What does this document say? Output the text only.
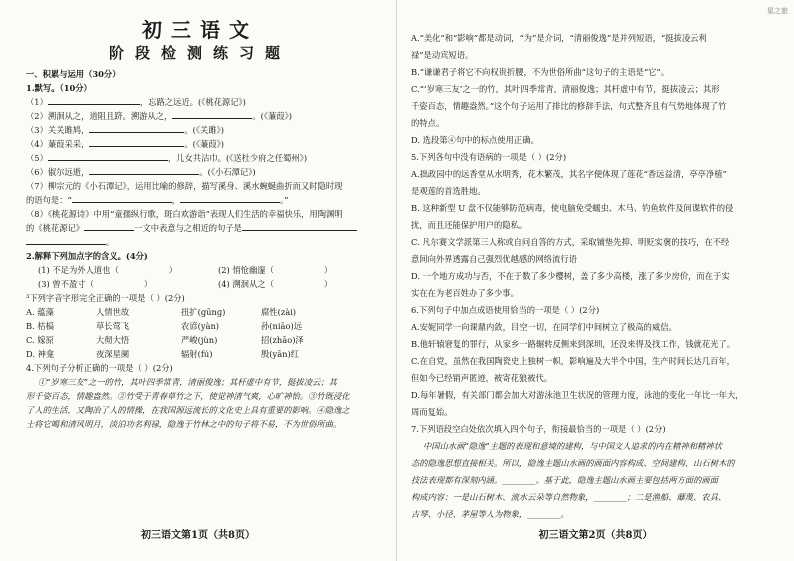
初三语文
阶段检测练习题
一、积累与运用（30分）
1.默写。（10分）
（1）	，忘路之远近。(《桃花源记》)
（2）溯洄从之，道阻且跻。溯游从之，	。(《蒹葭》)
（3）关关雎鸠，	。(《关雎》)
（4）蒹葭采采，	。(《蒹葭》)
（5）	，儿女共沾巾。(《送杜少府之任蜀州》)
（6）俶尔远逝，	。(《小石潭记》)
（7）柳宗元的《小石潭记》，运用比喻的修辞，描写溪身、溪水蜿蜒曲折而又时隐时现
的语句是：“	，	。”
（8）《桃花源诗》中用“童孺纵行歌，斑白欢游诣”表现人们生活的幸福快乐，用陶渊明
的《桃花源记》	一文中表意与之相近的句子是
。
2.解释下列加点字的含义。(4分)
(1) 不足为外人道也（	）	(2) 悄怆幽邃（	）
(3) 曾不盈寸（	）	(4) 溯洄从之（	）
³下列字音字形完全正确的一项是（ ）(2分)
A. 蕴藻	人情世故	扭扩(gūnɡ)	腐性(zài)
B. 枯槁	草长莺飞	农谚(yàn)	孙(niāo)远
C. 嫁原	大彻大悟	严峻(jùn)	招(zhāo)泽
D. 神龛	夜深星阑	辐射(fú)	殷(yān)红
4.下列句子分析正确的一项是（ ）(2分)
①“岁寒三友”之一的竹，其叶四季常青，清丽俊逸；其杆虚中有节，挺拔凌云；其
形千姿百态，情趣盎然。②竹受于青春草竹之下，使觉神清气爽，心旷神怡。③竹既浸化
了人的生活，又陶冶了人的情操，在我国源远流长的文化史上具有重要的影响。④隐逸之
士将它喝和清风明月，淡泊功名利禄，隐逸于竹林之中的句子将不易，不为世俗所曲。
初三语文第1页（共8页）
星之旅
A.“美化”和“影响”都是动词，“为”是介词，“清丽俊逸”是并列短语，“挺拔凌云利
禄”是动宾短语。
B.“谦谦君子将它不向权贵折腰，不为世俗所曲”这句子的主语是“它”。
C.“‘岁寒三友’之一的竹，其叶四季常青，清丽俊逸；其杆虚中有节，挺拔凌云；其形
千姿百态，情趣盎然。”这个句子运用了排比的修辞手法，句式整齐且有气势地体现了竹
的特点。
D. 选段第④句中的标点使用正确。
5.下列各句中没有语病的一项是（ ）(2分)
A.拙政园中的远香堂从水明秀，花木繁茂，其名字便体现了莲花“香远益清，亭亭净植”
是观莲的首选胜地。
B. 这种新型 U 盘不仅能够防范病毒，使电脑免受蠕虫、木马、钓鱼软件及间谍软件的侵
扰，而且还能保护用户的隐私。
C. 凡尔赛文学派第三人称或自问自答的方式，采取铺垫先抑、明贬实褒的技巧，在不经
意间向外界透露自己强烈优越感的网络流行语
D. 一个地方成功与否，不在于数了多少樱树，盖了多少高楼，涨了多少房价，而在于实
实在在为老百姓办了多少事。
6.下列句子中加点成语使用恰当的一项是（ ）(2分)
A.安妮同学一向课鼎内敛，目空一切，在同学们中间树立了极高的威信。
B.他轩辕窘复的罪行，从家乡一路辗转反侧来到深圳，还没来得及找工作，钱就花光了。
C.在自党，虽然在我国陶瓷史上独树一帜，影响遍及大半个中国，生产时间长达几百年，
但如今已经销声匿迹，被寄花狼被代。
D.每年暑假，有关部门都会加大对游泳池卫生状况的管理力度，泳池的变化一年比一年大，
周而复始。
7.下列语段空白处依次填入四个句子，衔接最恰当的一项是（ ）(2分)
中国山水画“隐逸”主题的表现和意境的建构，与中国文人追求的内在精神和精神状
态的隐逸思想直接相关。所以，隐逸主题山水画的画面内容构成、空间建构、山石树木的
技法表现都有深刻内涵。________。基于此，隐逸主题山水画主要包括两方面的画面
构成内容：一是山石树木、流水云朵等自然物象，________；二是渔船、蘼蔑、农具、
古琴、小径、茅屋等人为物象，________。
初三语文第2页（共8页）
